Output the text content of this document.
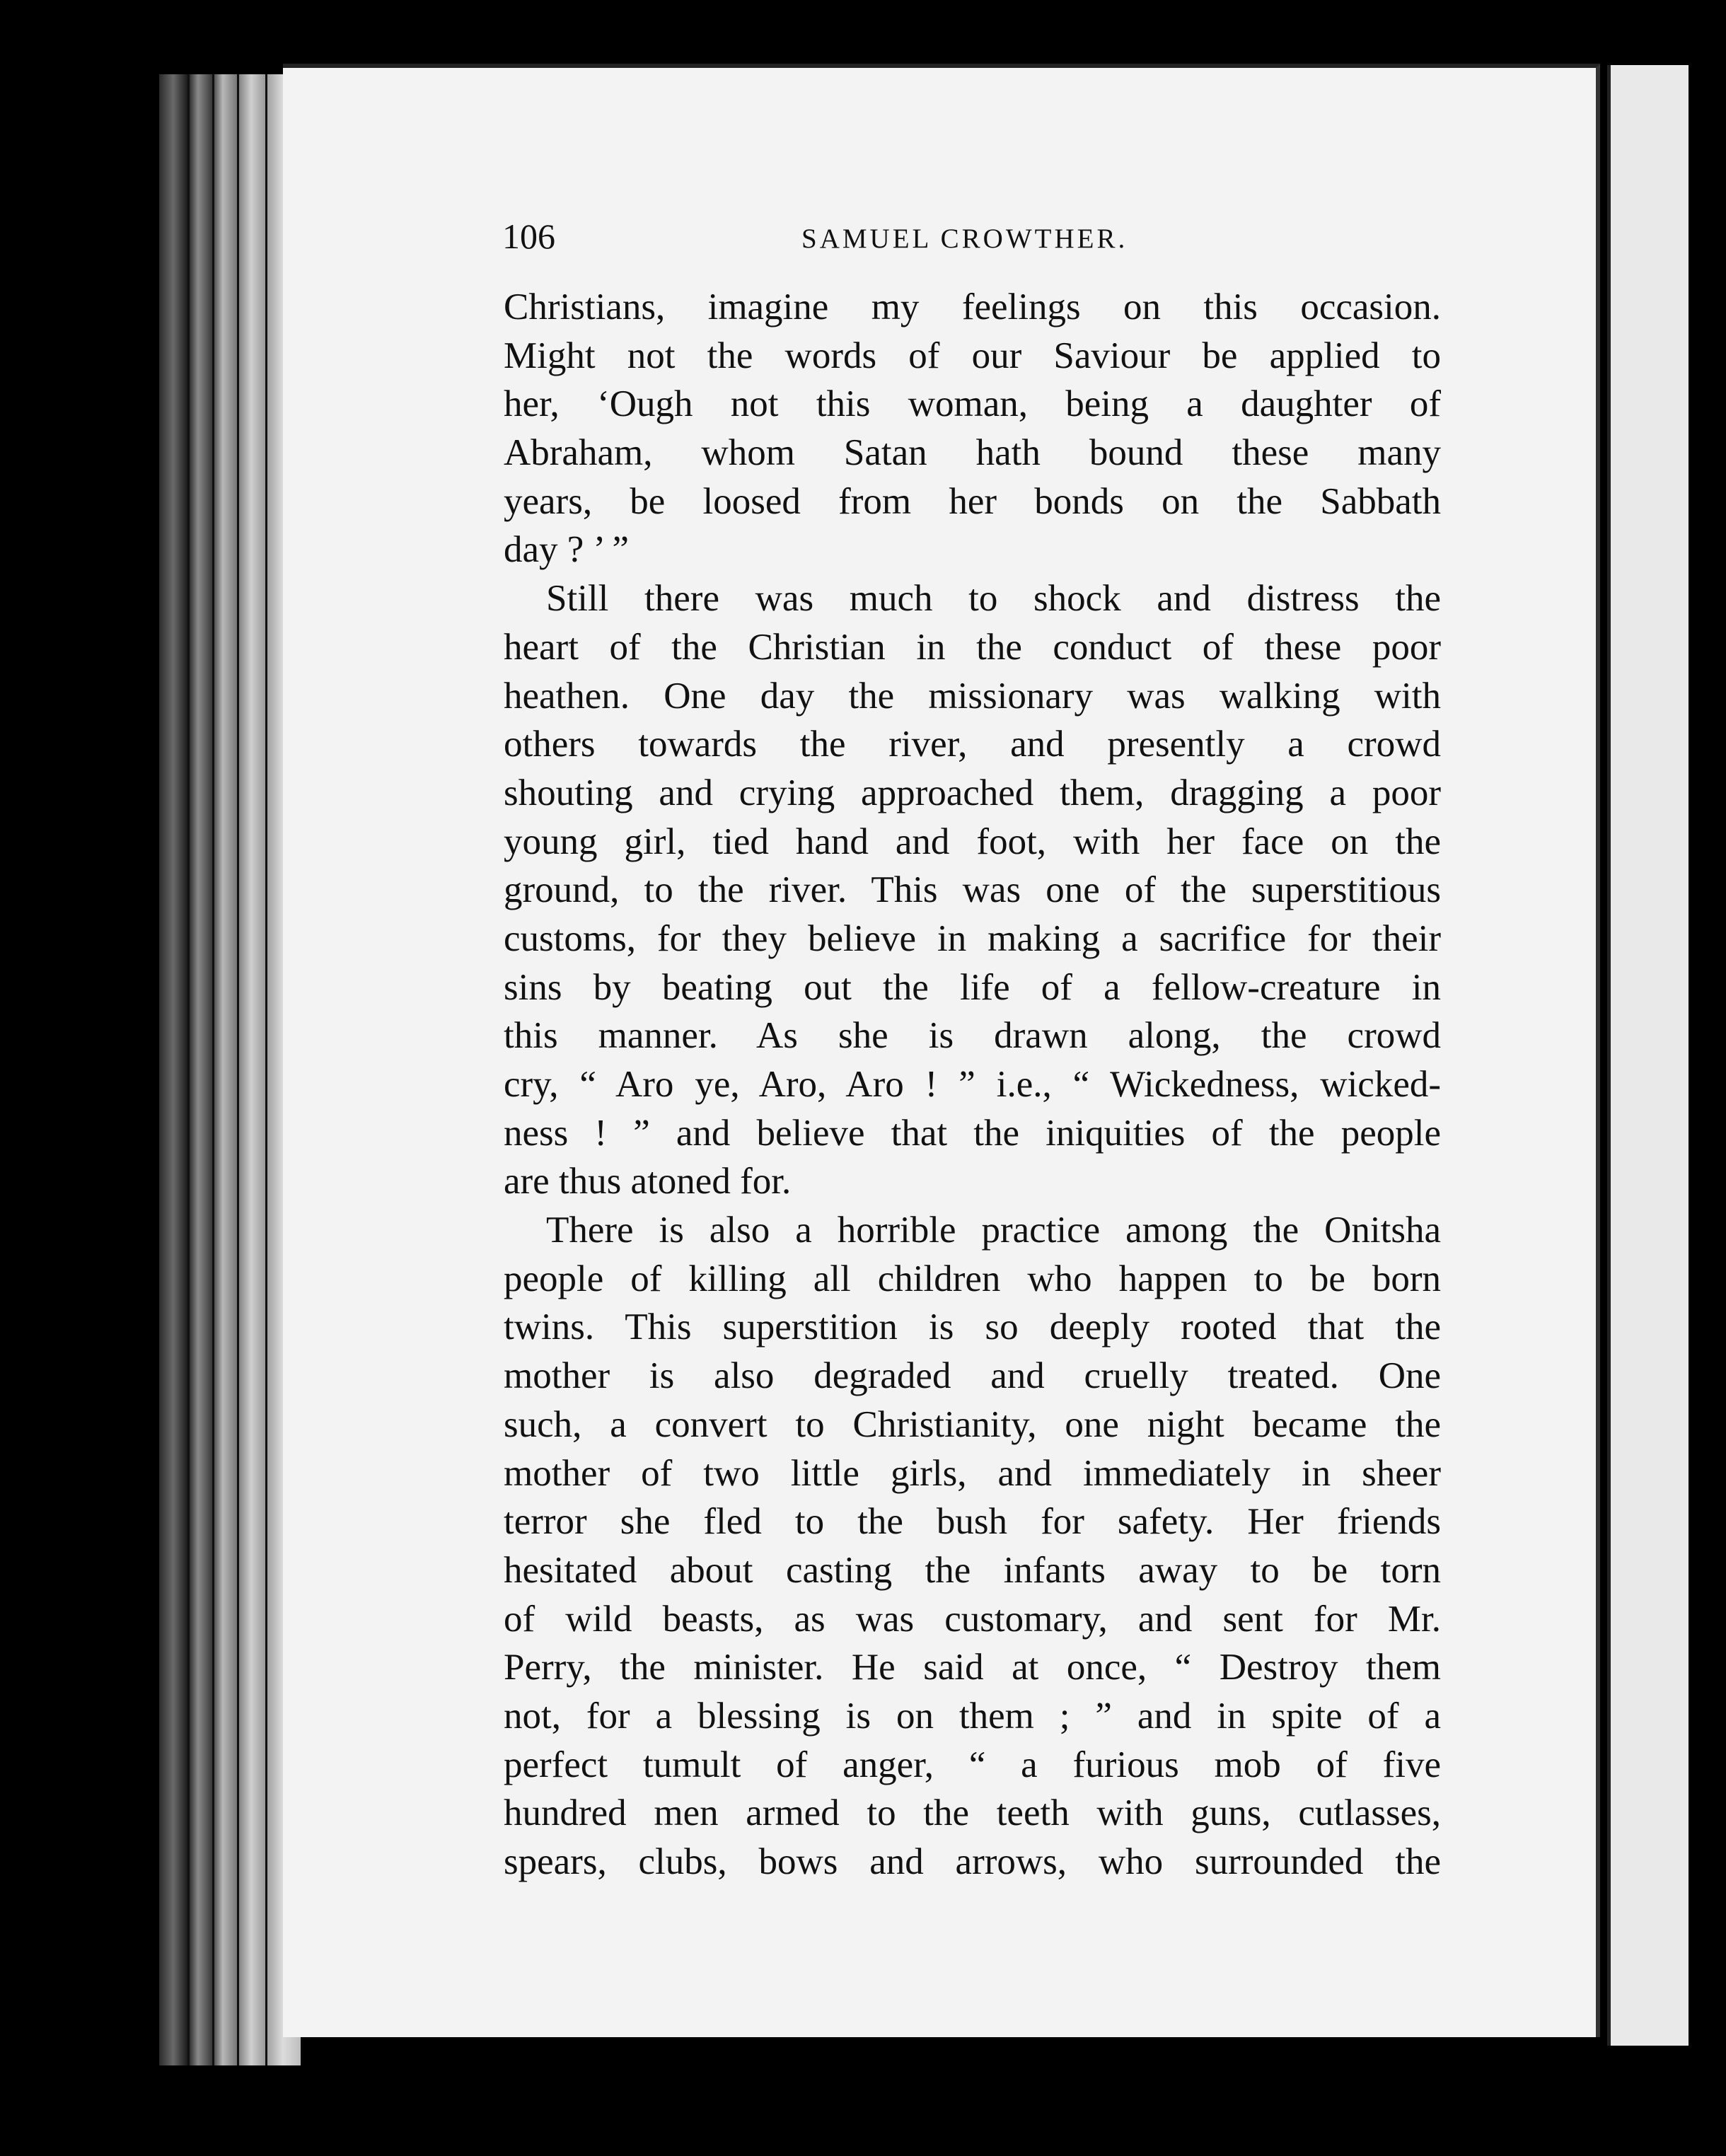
106	SAMUEL CROWTHER.
Christians, imagine my feelings on this occasion.
Might not the words of our Saviour be applied to
her, ‘Ough not this woman, being a daughter of
Abraham, whom Satan hath bound these many
years, be loosed from her bonds on the Sabbath
day ? ’ ”
Still there was much to shock and distress the
heart of the Christian in the conduct of these poor
heathen. One day the missionary was walking with
others towards the river, and presently a crowd
shouting and crying approached them, dragging a poor
young girl, tied hand and foot, with her face on the
ground, to the river. This was one of the superstitious
customs, for they believe in making a sacrifice for their
sins by beating out the life of a fellow-creature in
this manner. As she is drawn along, the crowd
cry, “ Aro ye, Aro, Aro ! ” i.e., “ Wickedness, wicked-
ness ! ” and believe that the iniquities of the people
are thus atoned for.
There is also a horrible practice among the Onitsha
people of killing all children who happen to be born
twins. This superstition is so deeply rooted that the
mother is also degraded and cruelly treated. One
such, a convert to Christianity, one night became the
mother of two little girls, and immediately in sheer
terror she fled to the bush for safety. Her friends
hesitated about casting the infants away to be torn
of wild beasts, as was customary, and sent for Mr.
Perry, the minister. He said at once, “ Destroy them
not, for a blessing is on them ; ” and in spite of a
perfect tumult of anger, “ a furious mob of five
hundred men armed to the teeth with guns, cutlasses,
spears, clubs, bows and arrows, who surrounded the
